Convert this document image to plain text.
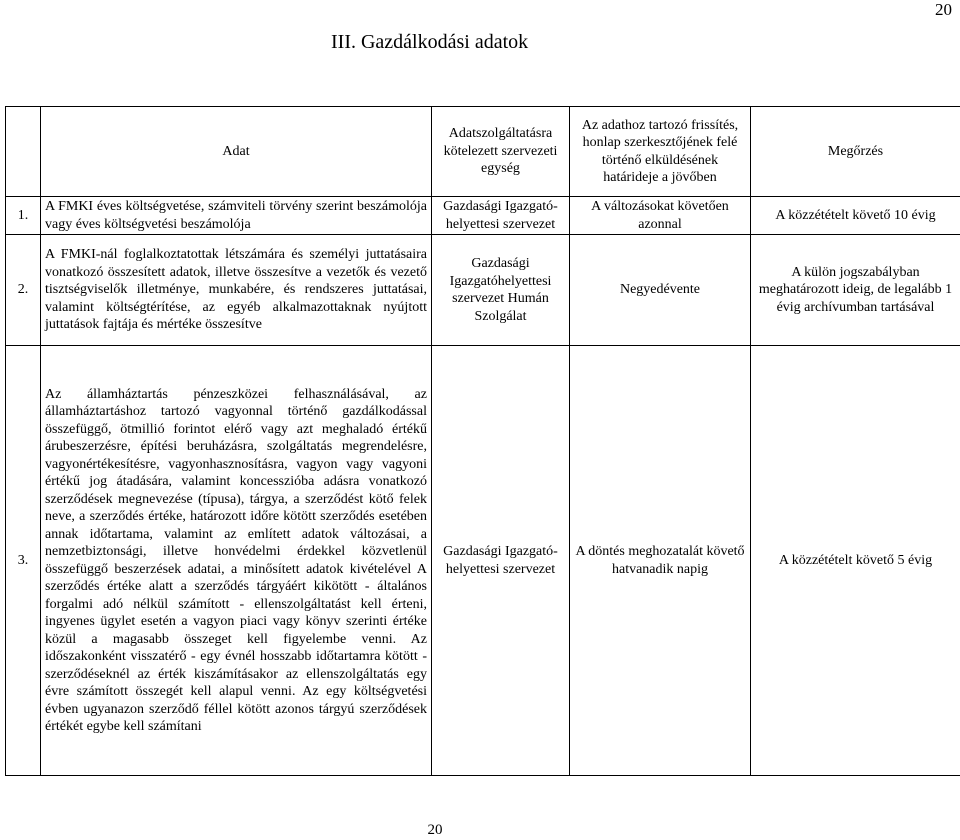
20
III. Gazdálkodási adatok
	Adat	Adatszolgáltatásra kötelezett szervezeti egység	Az adathoz tartozó frissítés, honlap szerkesztőjének felé történő elküldésének határideje a jövőben	Megőrzés
1.	A FMKI éves költségvetése, számviteli törvény szerint beszámolója vagy éves költségvetési beszámolója	Gazdasági Igazgató-helyettesi szervezet	A változásokat követően azonnal	A közzétételt követő 10 évig
2.	A FMKI-nál foglalkoztatottak létszámára és személyi juttatásaira vonatkozó összesített adatok, illetve összesítve a vezetők és vezető tisztségviselők illetménye, munkabére, és rendszeres juttatásai, valamint költségtérítése, az egyéb alkalmazottaknak nyújtott juttatások fajtája és mértéke összesítve	Gazdasági Igazgatóhelyettesi szervezet Humán Szolgálat	Negyedévente	A külön jogszabályban meghatározott ideig, de legalább 1 évig archívumban tartásával
3.	Az államháztartás pénzeszközei felhasználásával, az államháztartáshoz tartozó vagyonnal történő gazdálkodással összefüggő, ötmillió forintot elérő vagy azt meghaladó értékű árubeszerzésre, építési beruházásra, szolgáltatás megrendelésre, vagyonértékesítésre, vagyonhasznosításra, vagyon vagy vagyoni értékű jog átadására, valamint koncesszióba adásra vonatkozó szerződések megnevezése (típusa), tárgya, a szerződést kötő felek neve, a szerződés értéke, határozott időre kötött szerződés esetében annak időtartama, valamint az említett adatok változásai, a nemzetbiztonsági, illetve honvédelmi érdekkel közvetlenül összefüggő beszerzések adatai, a minősített adatok kivételével A szerződés értéke alatt a szerződés tárgyáért kikötött - általános forgalmi adó nélkül számított - ellenszolgáltatást kell érteni, ingyenes ügylet esetén a vagyon piaci vagy könyv szerinti értéke közül a magasabb összeget kell figyelembe venni. Az időszakonként visszatérő - egy évnél hosszabb időtartamra kötött - szerződéseknél az érték kiszámításakor az ellenszolgáltatás egy évre számított összegét kell alapul venni. Az egy költségvetési évben ugyanazon szerződő féllel kötött azonos tárgyú szerződések értékét egybe kell számítani	Gazdasági Igazgató-helyettesi szervezet	A döntés meghozatalát követő hatvanadik napig	A közzétételt követő 5 évig
20
